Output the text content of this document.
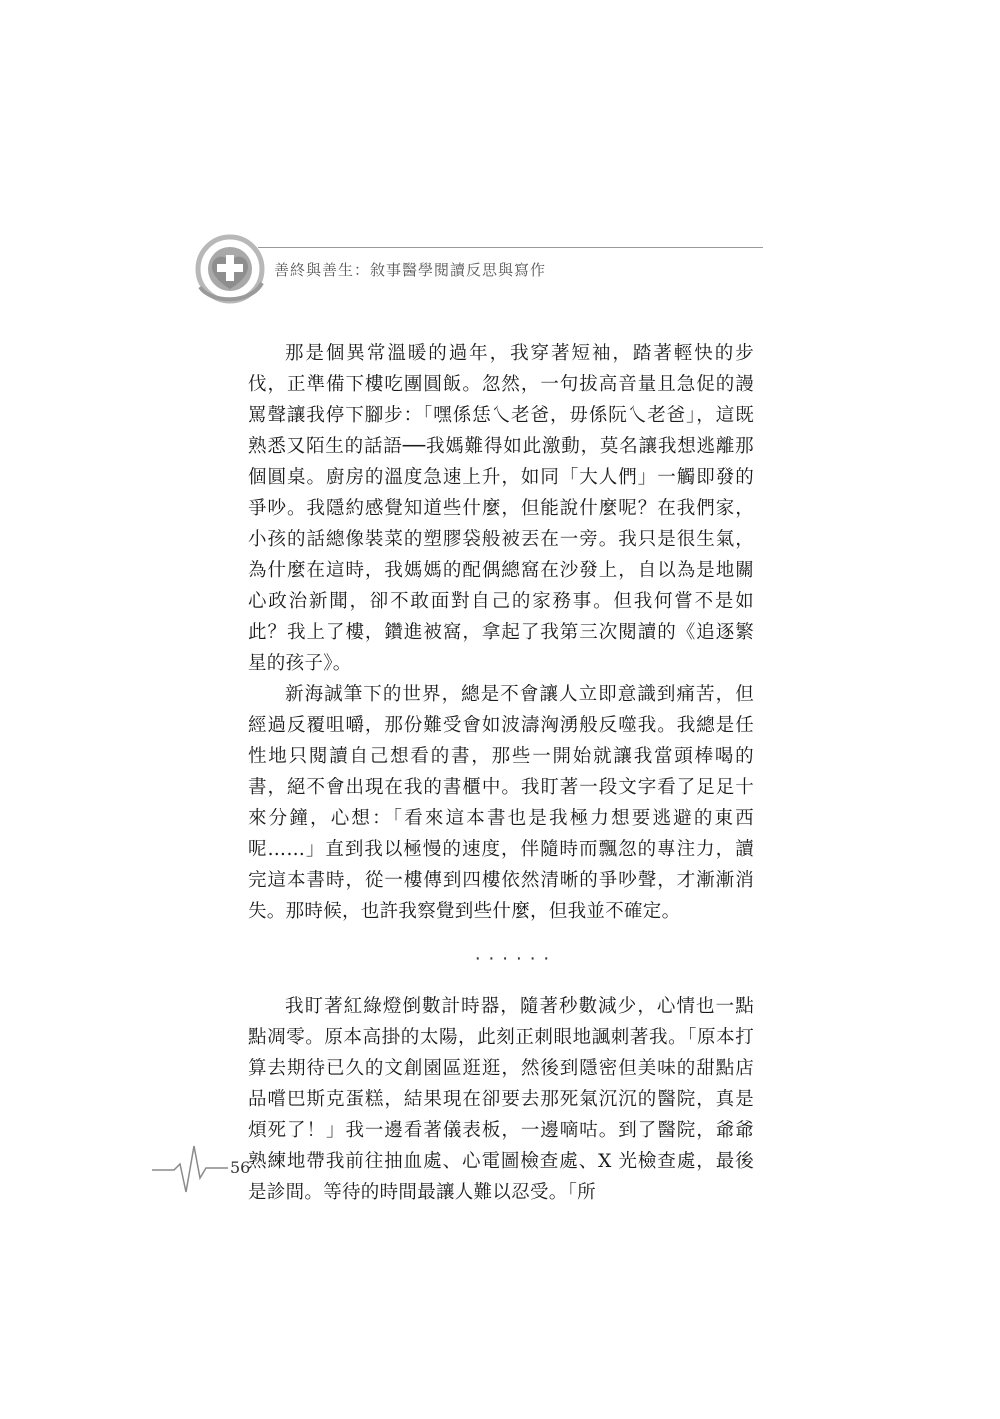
善終與善生：敘事醫學閱讀反思與寫作

那是個異常溫暖的過年，我穿著短袖，踏著輕快的步伐，正準備下樓吃團圓飯。忽然，一句拔高音量且急促的謾罵聲讓我停下腳步：「嘿係恁乀老爸，毋係阮乀老爸」，這既熟悉又陌生的話語──我媽難得如此激動，莫名讓我想逃離那個圓桌。廚房的溫度急速上升，如同「大人們」一觸即發的爭吵。我隱約感覺知道些什麼，但能說什麼呢？在我們家，小孩的話總像裝菜的塑膠袋般被丟在一旁。我只是很生氣，為什麼在這時，我媽媽的配偶總窩在沙發上，自以為是地關心政治新聞，卻不敢面對自己的家務事。但我何嘗不是如此？我上了樓，鑽進被窩，拿起了我第三次閱讀的《追逐繁星的孩子》。

新海誠筆下的世界，總是不會讓人立即意識到痛苦，但經過反覆咀嚼，那份難受會如波濤洶湧般反噬我。我總是任性地只閱讀自己想看的書，那些一開始就讓我當頭棒喝的書，絕不會出現在我的書櫃中。我盯著一段文字看了足足十來分鐘，心想：「看來這本書也是我極力想要逃避的東西呢……」直到我以極慢的速度，伴隨時而飄忽的專注力，讀完這本書時，從一樓傳到四樓依然清晰的爭吵聲，才漸漸消失。那時候，也許我察覺到些什麼，但我並不確定。

‧‧‧‧‧‧

我盯著紅綠燈倒數計時器，隨著秒數減少，心情也一點點凋零。原本高掛的太陽，此刻正刺眼地諷刺著我。「原本打算去期待已久的文創園區逛逛，然後到隱密但美味的甜點店品嚐巴斯克蛋糕，結果現在卻要去那死氣沉沉的醫院，真是煩死了！」我一邊看著儀表板，一邊嘀咕。到了醫院，爺爺熟練地帶我前往抽血處、心電圖檢查處、X 光檢查處，最後是診間。等待的時間最讓人難以忍受。「所

56
